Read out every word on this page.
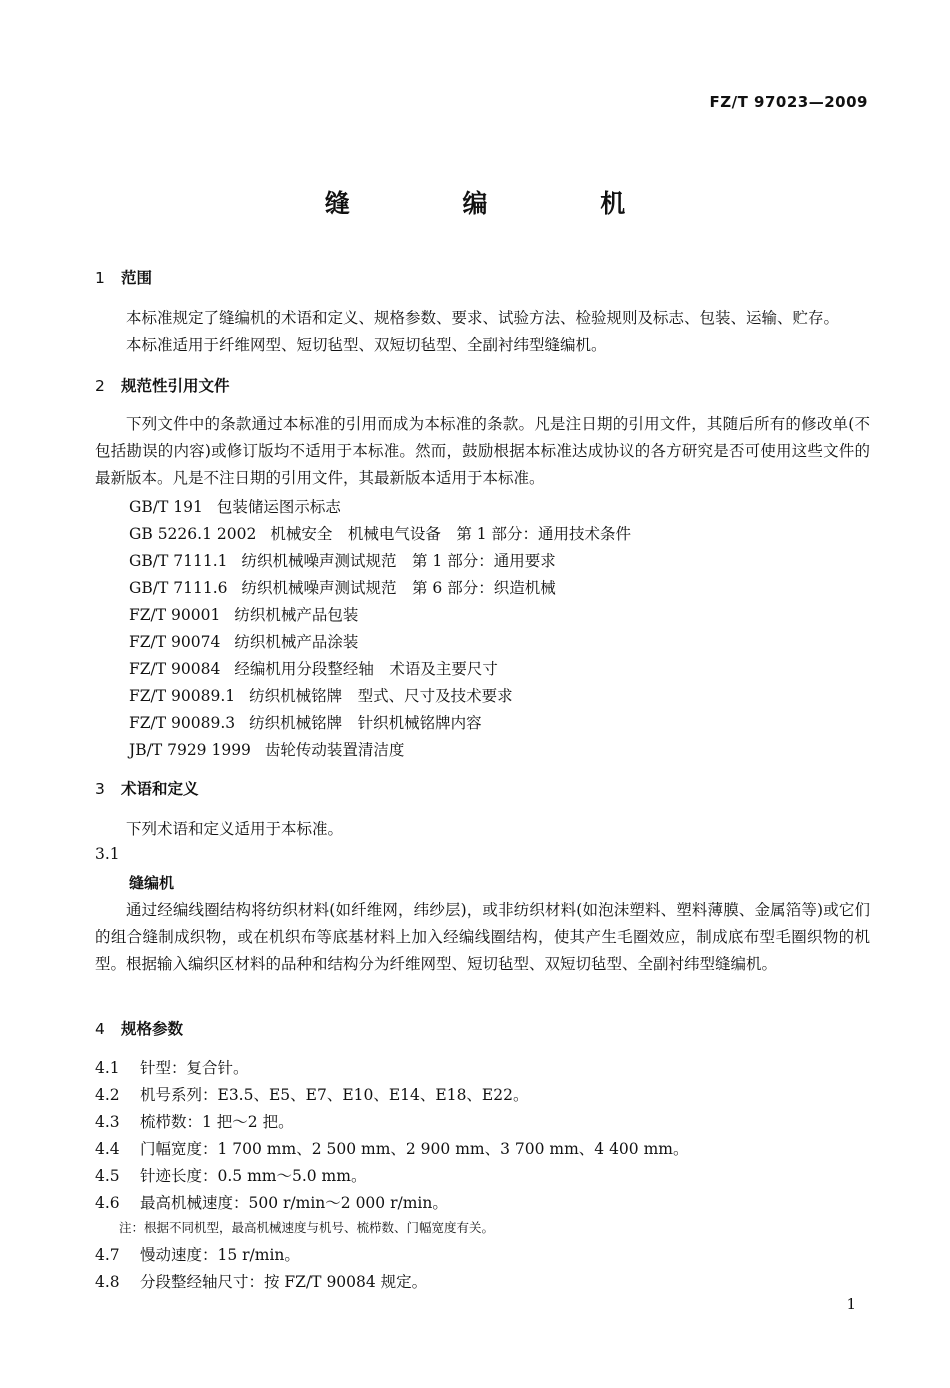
FZ/T 97023—2009
缝 编 机
1 范围
本标准规定了缝编机的术语和定义、规格参数、要求、试验方法、检验规则及标志、包装、运输、贮存。
本标准适用于纤维网型、短切毡型、双短切毡型、全副衬纬型缝编机。
2 规范性引用文件
下列文件中的条款通过本标准的引用而成为本标准的条款。凡是注日期的引用文件，其随后所有的修改单(不包括勘误的内容)或修订版均不适用于本标准。然而，鼓励根据本标准达成协议的各方研究是否可使用这些文件的最新版本。凡是不注日期的引用文件，其最新版本适用于本标准。
GB/T 191 包装储运图示标志
GB 5226.1 2002 机械安全　机械电气设备　第 1 部分：通用技术条件
GB/T 7111.1 纺织机械噪声测试规范　第 1 部分：通用要求
GB/T 7111.6 纺织机械噪声测试规范　第 6 部分：织造机械
FZ/T 90001 纺织机械产品包装
FZ/T 90074 纺织机械产品涂装
FZ/T 90084 经编机用分段整经轴　术语及主要尺寸
FZ/T 90089.1 纺织机械铭牌　型式、尺寸及技术要求
FZ/T 90089.3 纺织机械铭牌　针织机械铭牌内容
JB/T 7929 1999 齿轮传动装置清洁度
3 术语和定义
下列术语和定义适用于本标准。
3.1
缝编机
通过经编线圈结构将纺织材料(如纤维网，纬纱层)，或非纺织材料(如泡沫塑料、塑料薄膜、金属箔等)或它们的组合缝制成织物，或在机织布等底基材料上加入经编线圈结构，使其产生毛圈效应，制成底布型毛圈织物的机型。根据输入编织区材料的品种和结构分为纤维网型、短切毡型、双短切毡型、全副衬纬型缝编机。
4 规格参数
4.1 针型：复合针。
4.2 机号系列：E3.5、E5、E7、E10、E14、E18、E22。
4.3 梳栉数：1 把～2 把。
4.4 门幅宽度：1 700 mm、2 500 mm、2 900 mm、3 700 mm、4 400 mm。
4.5 针迹长度：0.5 mm～5.0 mm。
4.6 最高机械速度：500 r/min～2 000 r/min。
注：根据不同机型，最高机械速度与机号、梳栉数、门幅宽度有关。
4.7 慢动速度：15 r/min。
4.8 分段整经轴尺寸：按 FZ/T 90084 规定。
1
